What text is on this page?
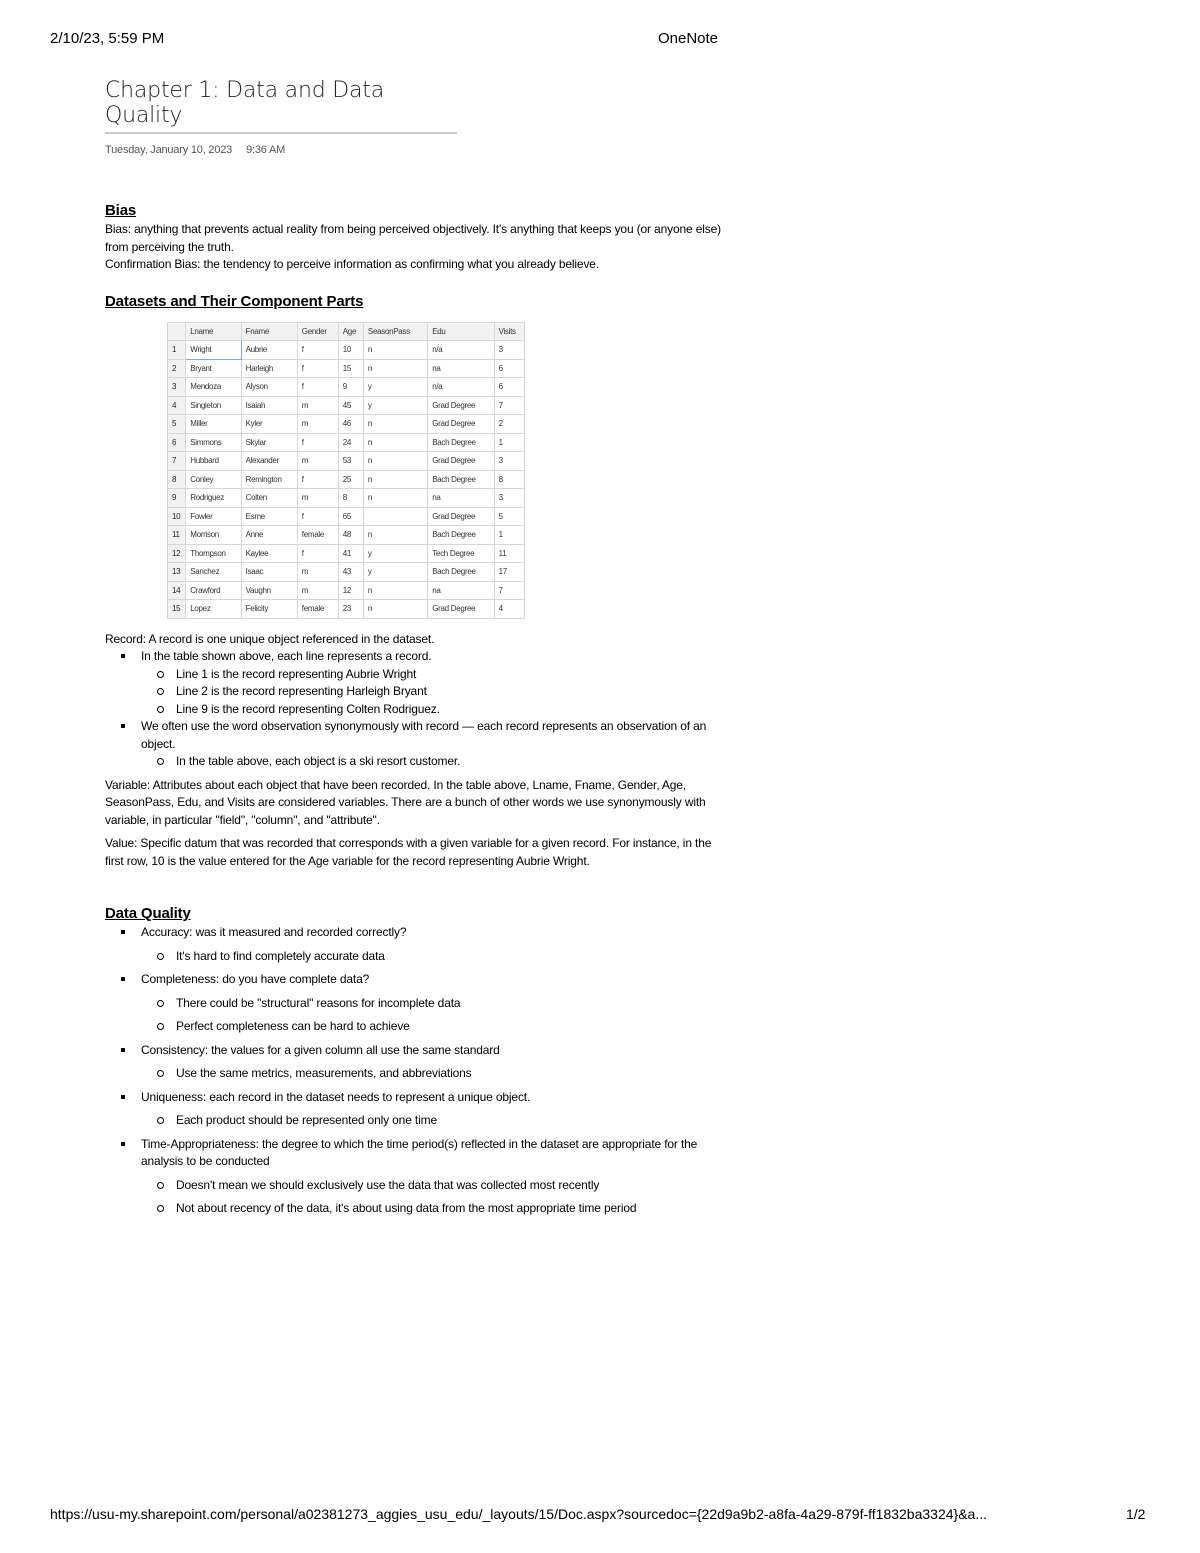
2/10/23, 5:59 PM	OneNote
Chapter 1: Data and Data Quality
Tuesday, January 10, 2023 9:36 AM
Bias

Bias: anything that prevents actual reality from being perceived objectively. It's anything that keeps you (or anyone else) from perceiving the truth.

Confirmation Bias: the tendency to perceive information as confirming what you already believe.

Datasets and Their Component Parts
	Lname	Fname	Gender	Age	SeasonPass	Edu	Visits
1	Wright	Aubrie	f	10	n	n/a	3
2	Bryant	Harleigh	f	15	n	na	6
3	Mendoza	Alyson	f	9	y	n/a	6
4	Singleton	Isaiah	m	45	y	Grad Degree	7
5	Miller	Kyler	m	46	n	Grad Degree	2
6	Simmons	Skylar	f	24	n	Bach Degree	1
7	Hubbard	Alexander	m	53	n	Grad Degree	3
8	Conley	Remington	f	25	n	Bach Degree	8
9	Rodriguez	Colten	m	8	n	na	3
10	Fowler	Esme	f	65		Grad Degree	5
11	Morrison	Anne	female	48	n	Bach Degree	1
12	Thompson	Kaylee	f	41	y	Tech Degree	11
13	Sanchez	Isaac	m	43	y	Bach Degree	17
14	Crawford	Vaughn	m	12	n	na	7
15	Lopez	Felicity	female	23	n	Grad Degree	4

Record: A record is one unique object referenced in the dataset.

In the table shown above, each line represents a record.
Line 1 is the record representing Aubrie Wright
Line 2 is the record representing Harleigh Bryant
Line 9 is the record representing Colten Rodriguez.
We often use the word observation synonymously with record — each record represents an observation of an object.
In the table above, each object is a ski resort customer.

Variable: Attributes about each object that have been recorded. In the table above, Lname, Fname, Gender, Age, SeasonPass, Edu, and Visits are considered variables. There are a bunch of other words we use synonymously with variable, in particular "field", "column", and "attribute".

Value: Specific datum that was recorded that corresponds with a given variable for a given record. For instance, in the first row, 10 is the value entered for the Age variable for the record representing Aubrie Wright.

Data Quality
Accuracy: was it measured and recorded correctly?
It's hard to find completely accurate data
Completeness: do you have complete data?
There could be "structural" reasons for incomplete data
Perfect completeness can be hard to achieve
Consistency: the values for a given column all use the same standard
Use the same metrics, measurements, and abbreviations
Uniqueness: each record in the dataset needs to represent a unique object.
Each product should be represented only one time
Time-Appropriateness: the degree to which the time period(s) reflected in the dataset are appropriate for the analysis to be conducted
Doesn't mean we should exclusively use the data that was collected most recently
Not about recency of the data, it's about using data from the most appropriate time period
https://usu-my.sharepoint.com/personal/a02381273_aggies_usu_edu/_layouts/15/Doc.aspx?sourcedoc={22d9a9b2-a8fa-4a29-879f-ff1832ba3324}&a...	1/2
